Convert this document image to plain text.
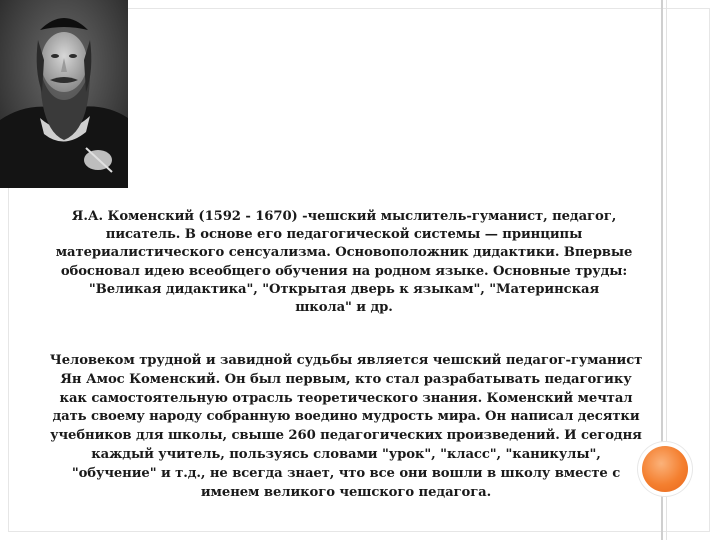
Я.А. Коменский (1592 - 1670) -чешский мыслитель-гуманист, педагог,
писатель. В основе его педагогической системы — принципы
материалистического сенсуализма. Основоположник дидактики. Впервые
обосновал идею всеобщего обучения на родном языке. Основные труды:
"Великая дидактика", "Открытая дверь к языкам", "Материнская
школа" и др.
Человеком трудной и завидной судьбы является чешский педагог-гуманист
Ян Амос Коменский. Он был первым, кто стал разрабатывать педагогику
как самостоятельную отрасль теоретического знания. Коменский мечтал
дать своему народу собранную воедино мудрость мира. Он написал десятки
учебников для школы, свыше 260 педагогических произведений. И сегодня
каждый учитель, пользуясь словами "урок", "класс", "каникулы",
"обучение" и т.д., не всегда знает, что все они вошли в школу вместе с
именем великого чешского педагога.
